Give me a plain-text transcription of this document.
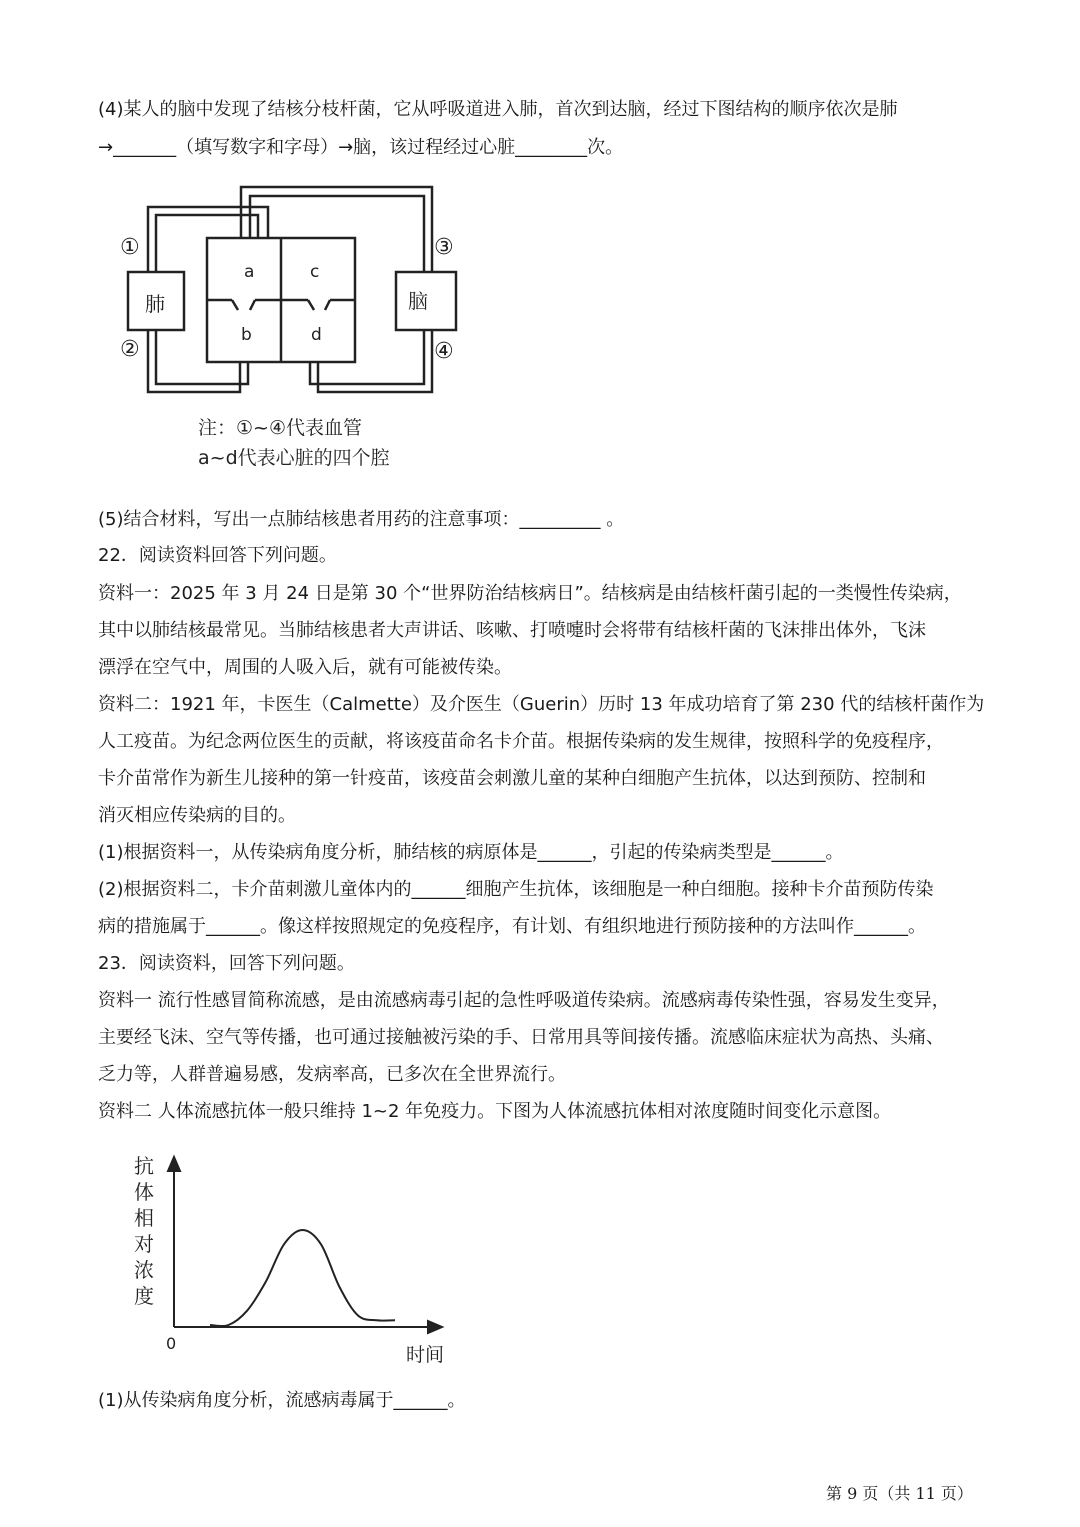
(4)某人的脑中发现了结核分枝杆菌，它从呼吸道进入肺，首次到达脑，经过下图结构的顺序依次是肺
→_______（填写数字和字母）→脑，该过程经过心脏________次。
①
②
③
④
肺	脑
a	c
b	d
注：①~④代表血管
a~d代表心脏的四个腔
(5)结合材料，写出一点肺结核患者用药的注意事项：_________ 。
22．阅读资料回答下列问题。
资料一：2025 年 3 月 24 日是第 30 个“世界防治结核病日”。结核病是由结核杆菌引起的一类慢性传染病，
其中以肺结核最常见。当肺结核患者大声讲话、咳嗽、打喷嚏时会将带有结核杆菌的飞沫排出体外，飞沫
漂浮在空气中，周围的人吸入后，就有可能被传染。
资料二：1921 年，卡医生（Calmette）及介医生（Guerin）历时 13 年成功培育了第 230 代的结核杆菌作为
人工疫苗。为纪念两位医生的贡献，将该疫苗命名卡介苗。根据传染病的发生规律，按照科学的免疫程序，
卡介苗常作为新生儿接种的第一针疫苗，该疫苗会刺激儿童的某种白细胞产生抗体，以达到预防、控制和
消灭相应传染病的目的。
(1)根据资料一，从传染病角度分析，肺结核的病原体是______，引起的传染病类型是______。
(2)根据资料二，卡介苗刺激儿童体内的______细胞产生抗体，该细胞是一种白细胞。接种卡介苗预防传染
病的措施属于______。像这样按照规定的免疫程序，有计划、有组织地进行预防接种的方法叫作______。
23．阅读资料，回答下列问题。
资料一 流行性感冒简称流感，是由流感病毒引起的急性呼吸道传染病。流感病毒传染性强，容易发生变异，
主要经飞沫、空气等传播，也可通过接触被污染的手、日常用具等间接传播。流感临床症状为高热、头痛、
乏力等，人群普遍易感，发病率高，已多次在全世界流行。
资料二 人体流感抗体一般只维持 1~2 年免疫力。下图为人体流感抗体相对浓度随时间变化示意图。
抗
体
相
对
浓
度
0
时间
(1)从传染病角度分析，流感病毒属于______。
第 9 页（共 11 页）
